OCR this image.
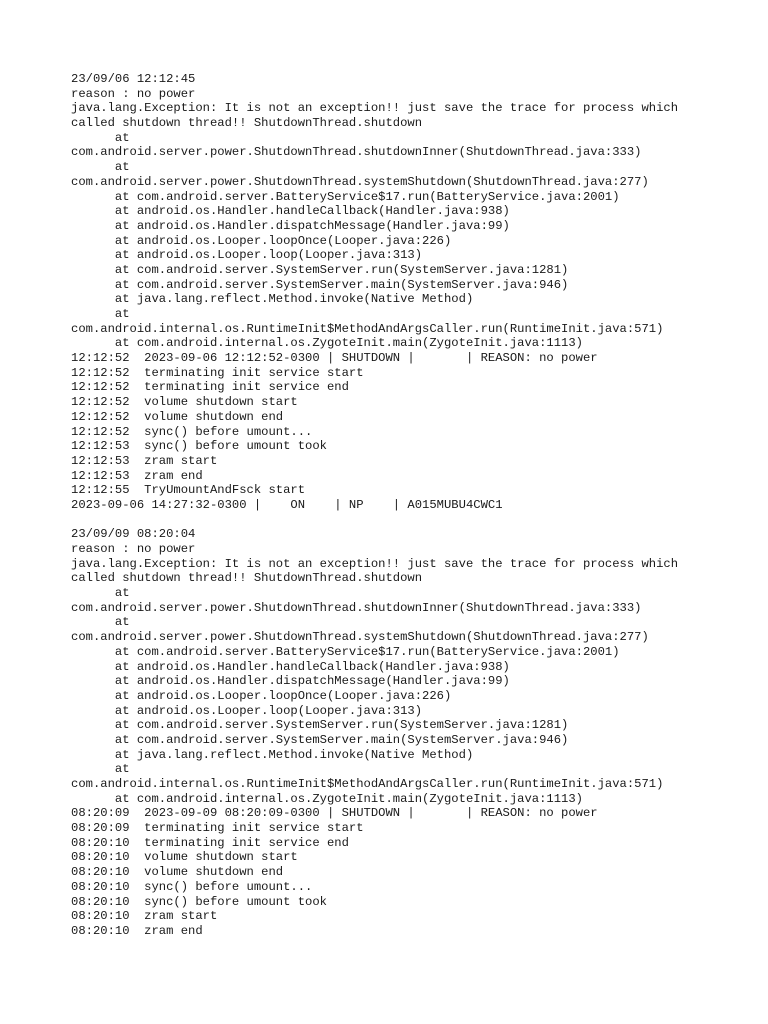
23/09/06 12:12:45
reason : no power
java.lang.Exception: It is not an exception!! just save the trace for process which
called shutdown thread!! ShutdownThread.shutdown
at
com.android.server.power.ShutdownThread.shutdownInner(ShutdownThread.java:333)
at
com.android.server.power.ShutdownThread.systemShutdown(ShutdownThread.java:277)
at com.android.server.BatteryService$17.run(BatteryService.java:2001)
at android.os.Handler.handleCallback(Handler.java:938)
at android.os.Handler.dispatchMessage(Handler.java:99)
at android.os.Looper.loopOnce(Looper.java:226)
at android.os.Looper.loop(Looper.java:313)
at com.android.server.SystemServer.run(SystemServer.java:1281)
at com.android.server.SystemServer.main(SystemServer.java:946)
at java.lang.reflect.Method.invoke(Native Method)
at
com.android.internal.os.RuntimeInit$MethodAndArgsCaller.run(RuntimeInit.java:571)
at com.android.internal.os.ZygoteInit.main(ZygoteInit.java:1113)
12:12:52  2023-09-06 12:12:52-0300 | SHUTDOWN |       | REASON: no power
12:12:52  terminating init service start
12:12:52  terminating init service end
12:12:52  volume shutdown start
12:12:52  volume shutdown end
12:12:52  sync() before umount...
12:12:53  sync() before umount took
12:12:53  zram start
12:12:53  zram end
12:12:55  TryUmountAndFsck start
2023-09-06 14:27:32-0300 |    ON    | NP    | A015MUBU4CWC1
23/09/09 08:20:04
reason : no power
java.lang.Exception: It is not an exception!! just save the trace for process which
called shutdown thread!! ShutdownThread.shutdown
at
com.android.server.power.ShutdownThread.shutdownInner(ShutdownThread.java:333)
at
com.android.server.power.ShutdownThread.systemShutdown(ShutdownThread.java:277)
at com.android.server.BatteryService$17.run(BatteryService.java:2001)
at android.os.Handler.handleCallback(Handler.java:938)
at android.os.Handler.dispatchMessage(Handler.java:99)
at android.os.Looper.loopOnce(Looper.java:226)
at android.os.Looper.loop(Looper.java:313)
at com.android.server.SystemServer.run(SystemServer.java:1281)
at com.android.server.SystemServer.main(SystemServer.java:946)
at java.lang.reflect.Method.invoke(Native Method)
at
com.android.internal.os.RuntimeInit$MethodAndArgsCaller.run(RuntimeInit.java:571)
at com.android.internal.os.ZygoteInit.main(ZygoteInit.java:1113)
08:20:09  2023-09-09 08:20:09-0300 | SHUTDOWN |       | REASON: no power
08:20:09  terminating init service start
08:20:10  terminating init service end
08:20:10  volume shutdown start
08:20:10  volume shutdown end
08:20:10  sync() before umount...
08:20:10  sync() before umount took
08:20:10  zram start
08:20:10  zram end
